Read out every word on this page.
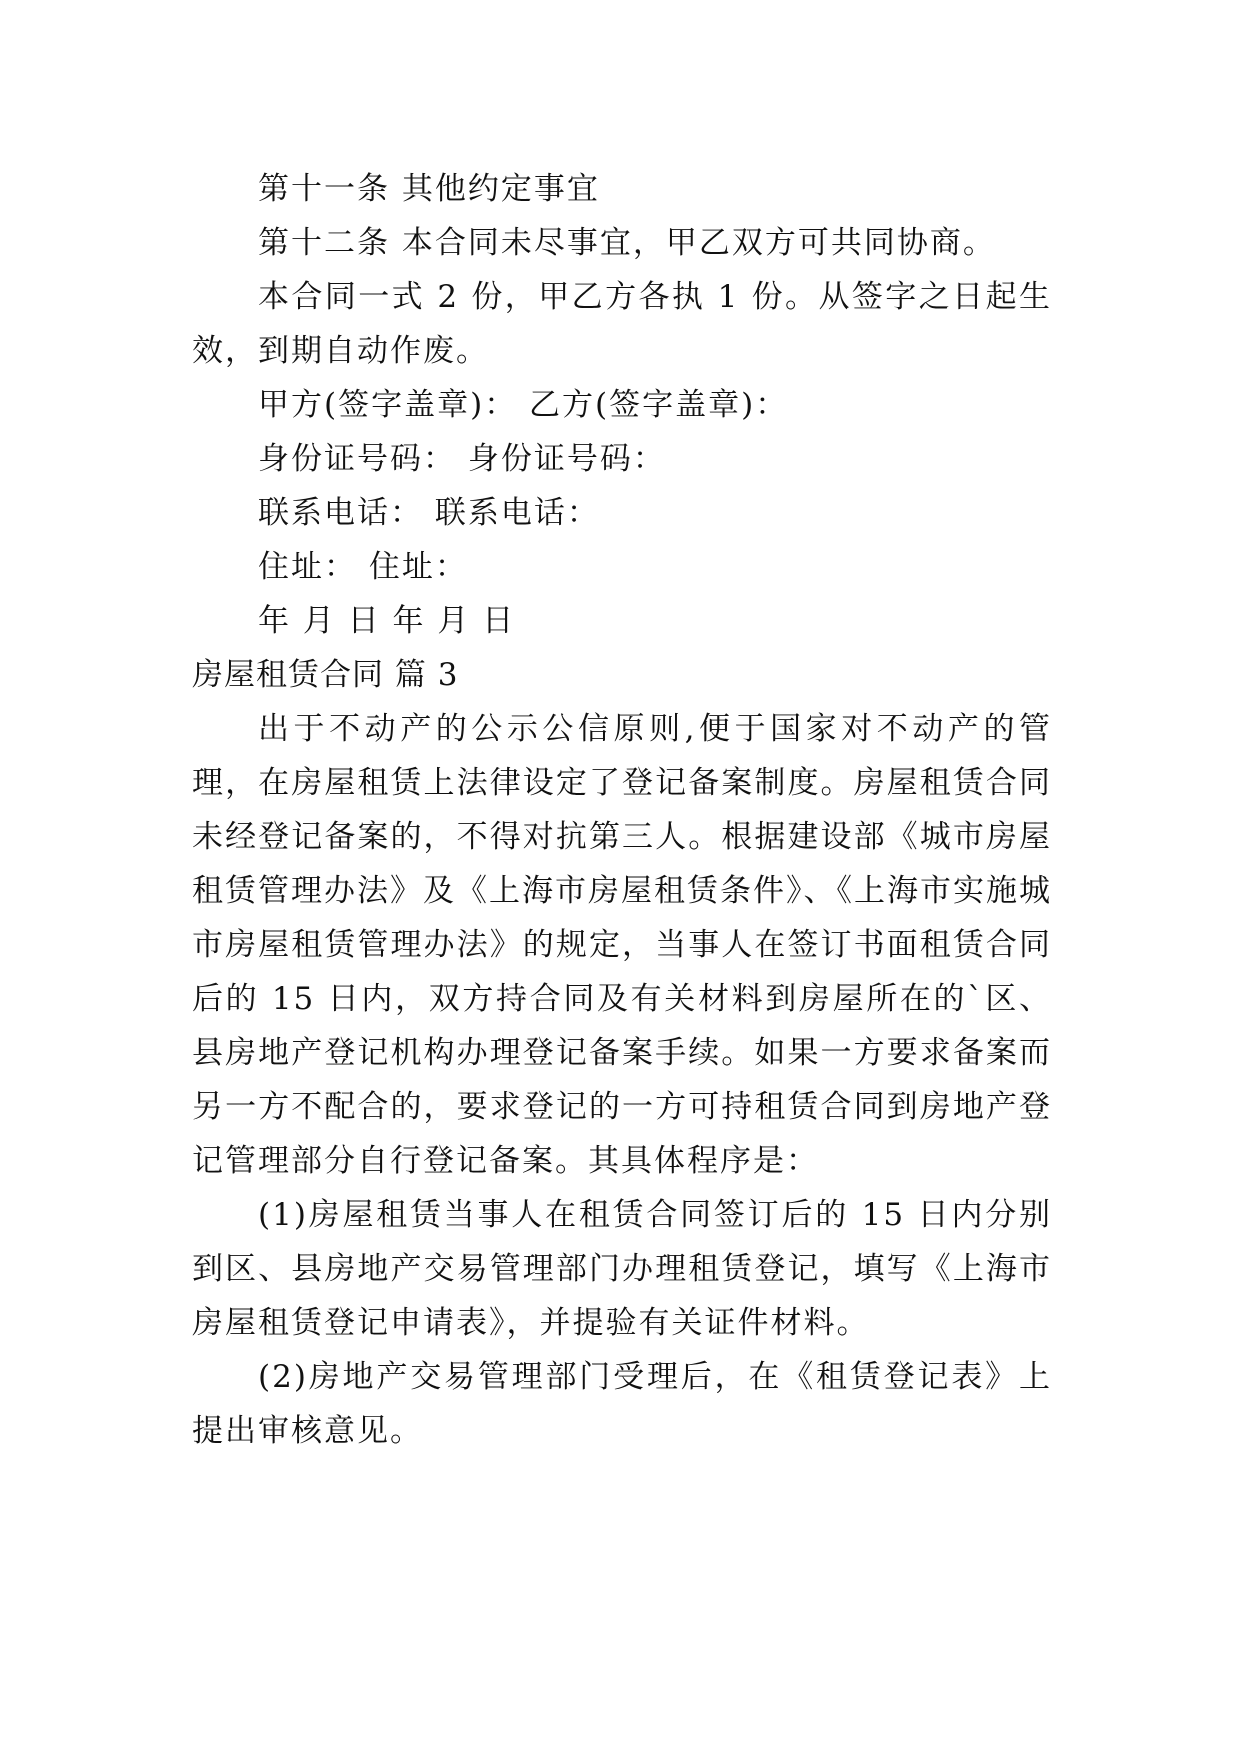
第十一条 其他约定事宜

第十二条 本合同未尽事宜，甲乙双方可共同协商。

本合同一式 2 份，甲乙方各执 1 份。从签字之日起生效，到期自动作废。

甲方(签字盖章)： 乙方(签字盖章)：

身份证号码： 身份证号码：

联系电话： 联系电话：

住址： 住址：

年 月 日 年 月 日

房屋租赁合同 篇 3

出于不动产的公示公信原则,便于国家对不动产的管理，在房屋租赁上法律设定了登记备案制度。房屋租赁合同未经登记备案的，不得对抗第三人。根据建设部《城市房屋租赁管理办法》及《上海市房屋租赁条件》、《上海市实施城市房屋租赁管理办法》的规定，当事人在签订书面租赁合同后的 15 日内，双方持合同及有关材料到房屋所在的`区、县房地产登记机构办理登记备案手续。如果一方要求备案而另一方不配合的，要求登记的一方可持租赁合同到房地产登记管理部分自行登记备案。其具体程序是：

(1)房屋租赁当事人在租赁合同签订后的 15 日内分别到区、县房地产交易管理部门办理租赁登记，填写《上海市房屋租赁登记申请表》，并提验有关证件材料。

(2)房地产交易管理部门受理后，在《租赁登记表》上提出审核意见。
